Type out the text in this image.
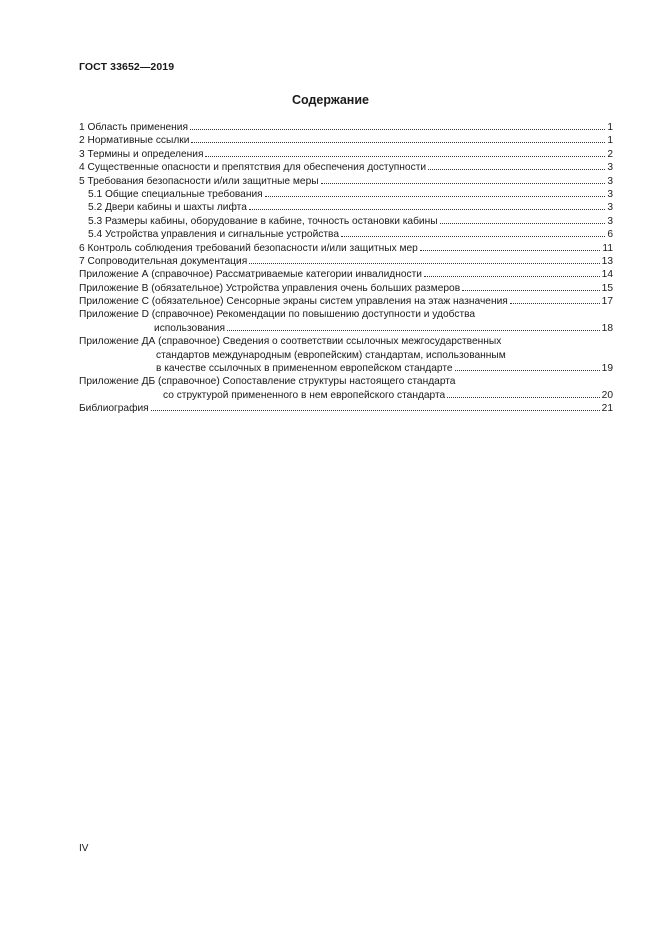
ГОСТ 33652—2019
Содержание
1 Область применения	1
2 Нормативные ссылки	1
3 Термины и определения	2
4 Существенные опасности и препятствия для обеспечения доступности	3
5 Требования безопасности и/или защитные меры	3
5.1 Общие специальные требования	3
5.2 Двери кабины и шахты лифта	3
5.3 Размеры кабины, оборудование в кабине, точность остановки кабины	3
5.4 Устройства управления и сигнальные устройства	6
6 Контроль соблюдения требований безопасности и/или защитных мер	11
7 Сопроводительная документация	13
Приложение А (справочное) Рассматриваемые категории инвалидности	14
Приложение В (обязательное) Устройства управления очень больших размеров	15
Приложение С (обязательное) Сенсорные экраны систем управления на этаж назначения	17
Приложение D (справочное) Рекомендации по повышению доступности и удобства
использования	18
Приложение ДА (справочное) Сведения о соответствии ссылочных межгосударственных
стандартов международным (европейским) стандартам, использованным
в качестве ссылочных в примененном европейском стандарте	19
Приложение ДБ (справочное) Сопоставление структуры настоящего стандарта
со структурой примененного в нем европейского стандарта	20
Библиография	21
IV
